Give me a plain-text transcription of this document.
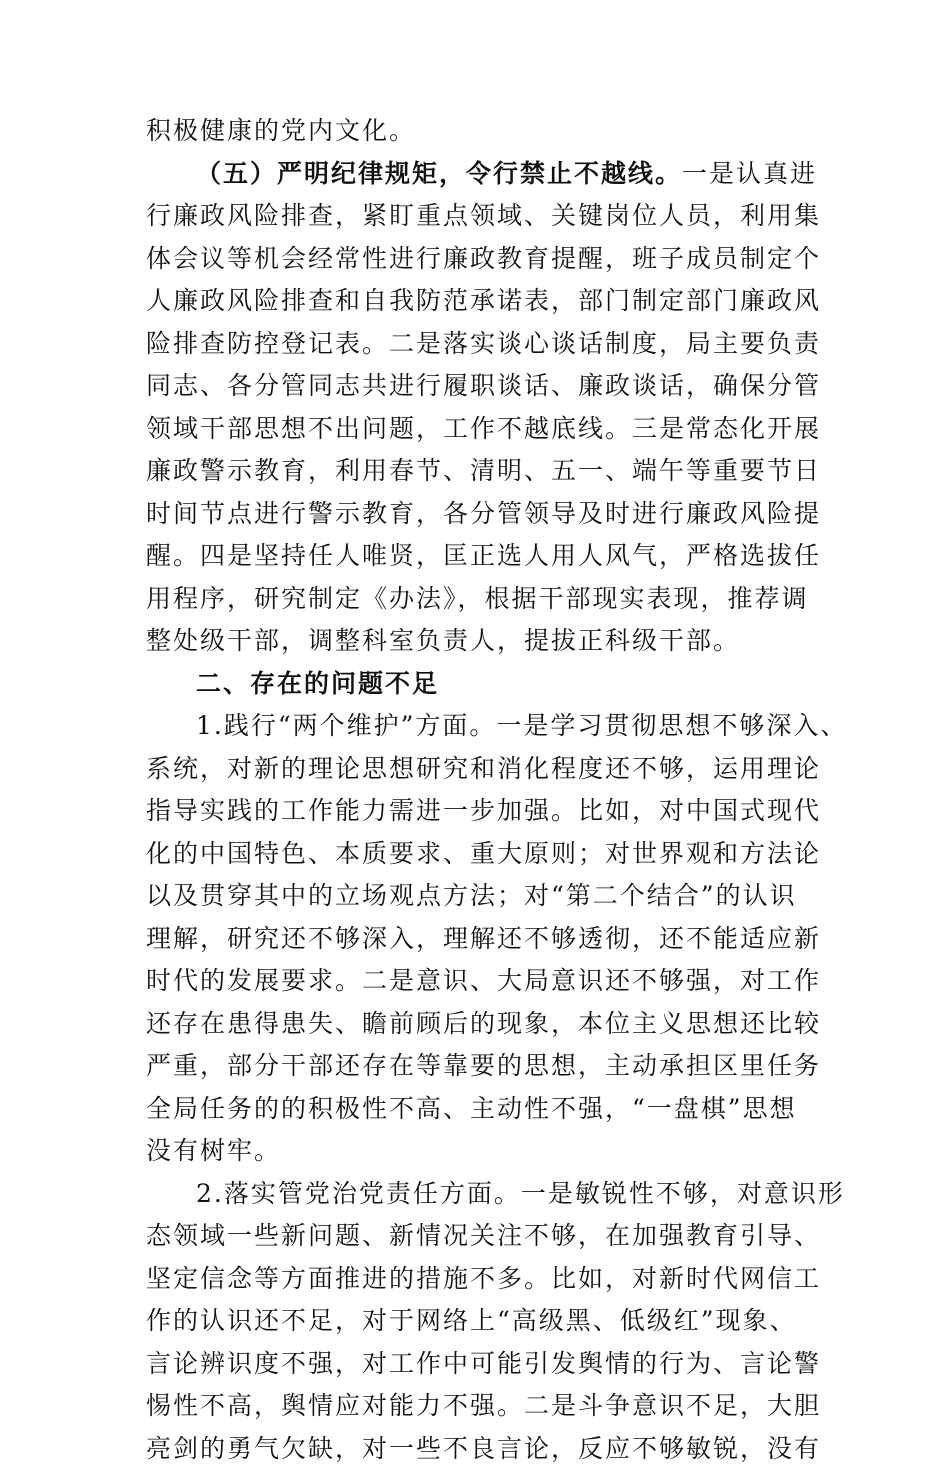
积极健康的党内文化。
（五）严明纪律规矩，令行禁止不越线。一是认真进
行廉政风险排查，紧盯重点领域、关键岗位人员，利用集
体会议等机会经常性进行廉政教育提醒，班子成员制定个
人廉政风险排查和自我防范承诺表，部门制定部门廉政风
险排查防控登记表。二是落实谈心谈话制度，局主要负责
同志、各分管同志共进行履职谈话、廉政谈话，确保分管
领域干部思想不出问题，工作不越底线。三是常态化开展
廉政警示教育，利用春节、清明、五一、端午等重要节日
时间节点进行警示教育，各分管领导及时进行廉政风险提
醒。四是坚持任人唯贤，匡正选人用人风气，严格选拔任
用程序，研究制定《办法》，根据干部现实表现，推荐调
整处级干部，调整科室负责人，提拔正科级干部。
二、存在的问题不足
1.践行“两个维护”方面。一是学习贯彻思想不够深入、
系统，对新的理论思想研究和消化程度还不够，运用理论
指导实践的工作能力需进一步加强。比如，对中国式现代
化的中国特色、本质要求、重大原则；对世界观和方法论
以及贯穿其中的立场观点方法；对“第二个结合”的认识
理解，研究还不够深入，理解还不够透彻，还不能适应新
时代的发展要求。二是意识、大局意识还不够强，对工作
还存在患得患失、瞻前顾后的现象，本位主义思想还比较
严重，部分干部还存在等靠要的思想，主动承担区里任务
全局任务的的积极性不高、主动性不强，“一盘棋”思想
没有树牢。
2.落实管党治党责任方面。一是敏锐性不够，对意识形
态领域一些新问题、新情况关注不够，在加强教育引导、
坚定信念等方面推进的措施不多。比如，对新时代网信工
作的认识还不足，对于网络上“高级黑、低级红”现象、
言论辨识度不强，对工作中可能引发舆情的行为、言论警
惕性不高，舆情应对能力不强。二是斗争意识不足，大胆
亮剑的勇气欠缺，对一些不良言论，反应不够敏锐，没有
